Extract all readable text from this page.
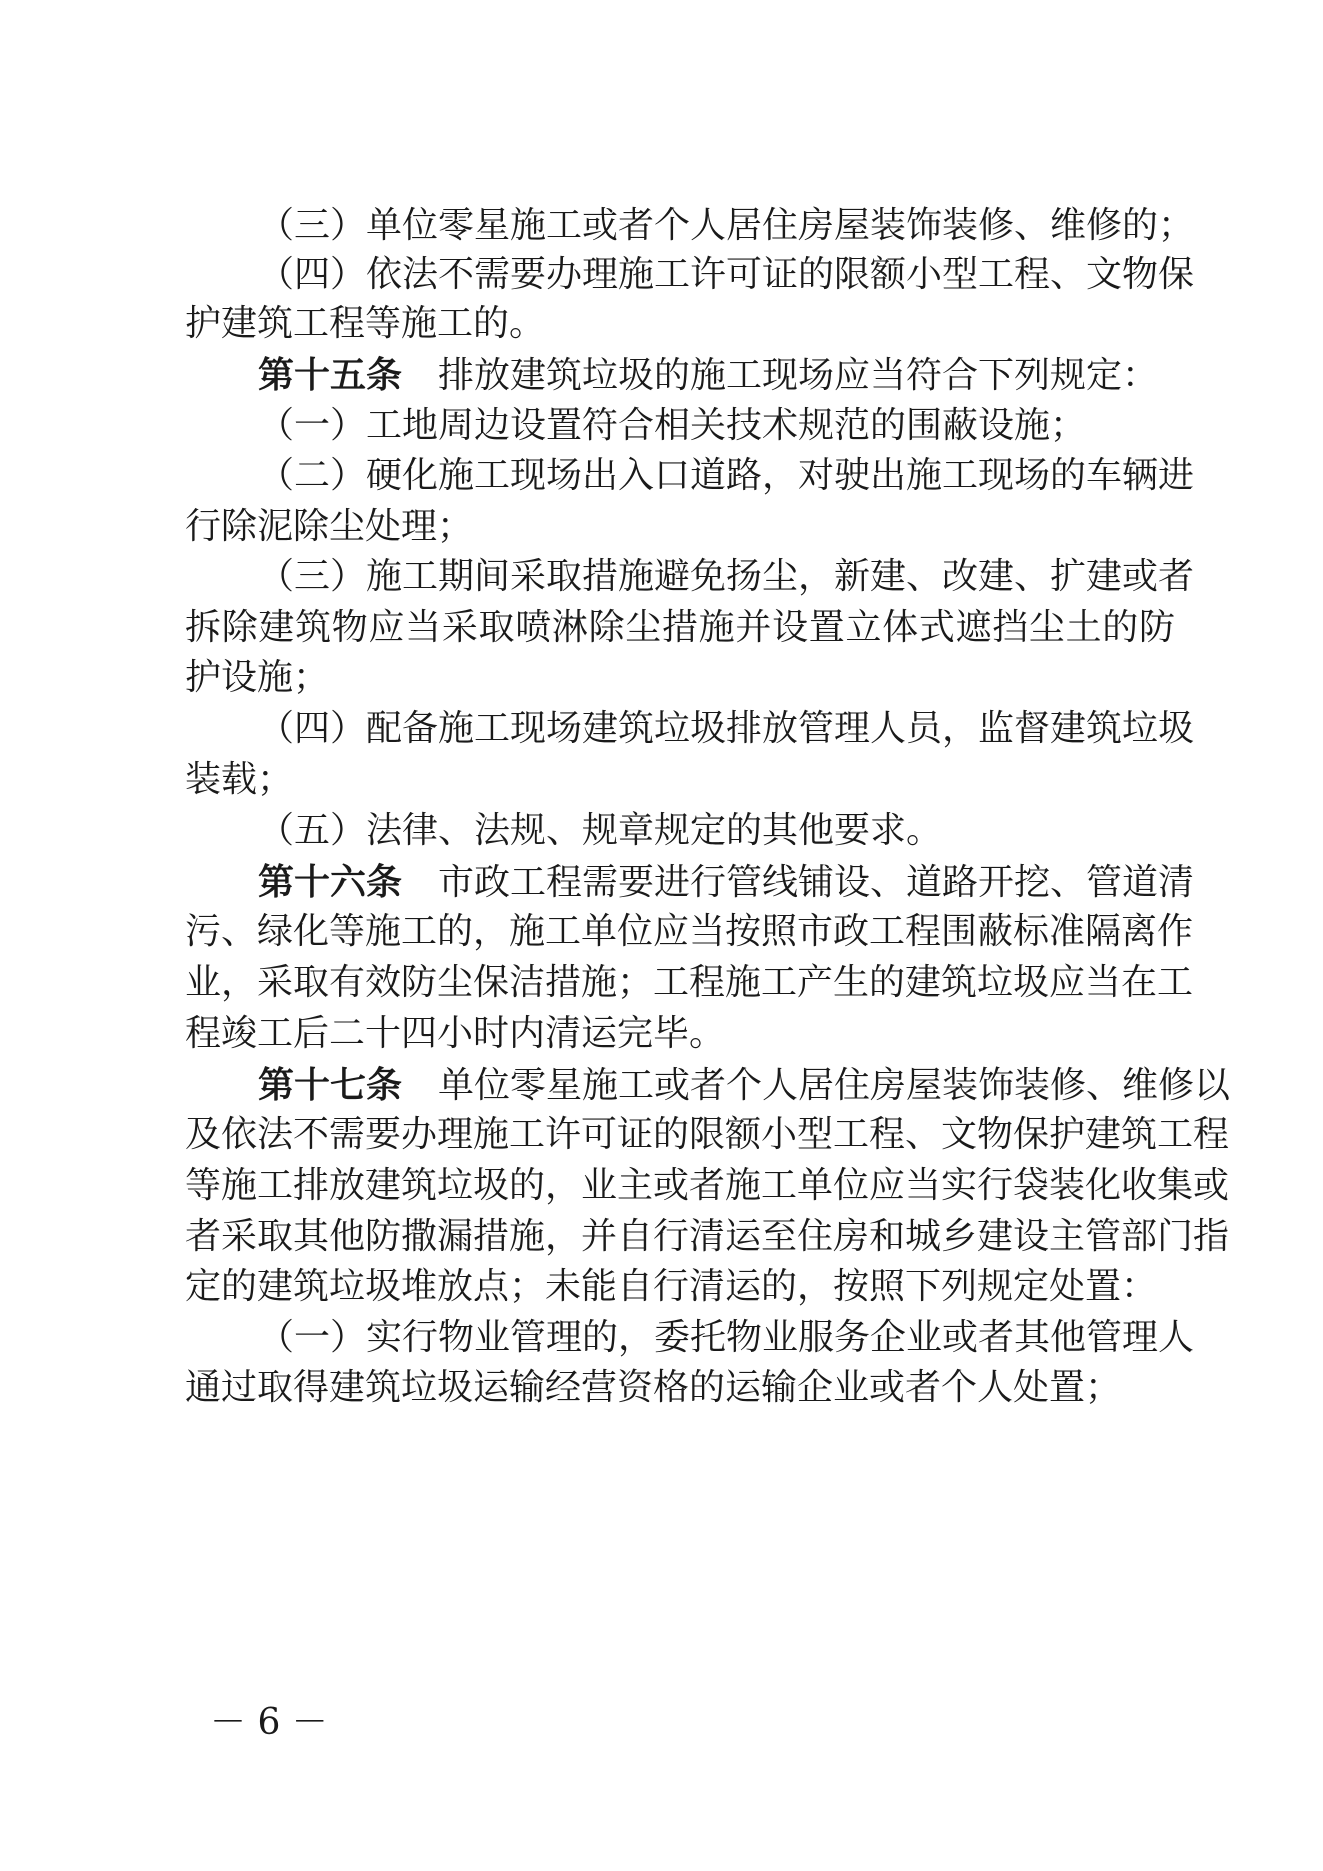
（三）单位零星施工或者个人居住房屋装饰装修、维修的；
（四）依法不需要办理施工许可证的限额小型工程、文物保
护建筑工程等施工的。
第十五条 排放建筑垃圾的施工现场应当符合下列规定：
（一）工地周边设置符合相关技术规范的围蔽设施；
（二）硬化施工现场出入口道路，对驶出施工现场的车辆进
行除泥除尘处理；
（三）施工期间采取措施避免扬尘，新建、改建、扩建或者
拆除建筑物应当采取喷淋除尘措施并设置立体式遮挡尘土的防
护设施；
（四）配备施工现场建筑垃圾排放管理人员，监督建筑垃圾
装载；
（五）法律、法规、规章规定的其他要求。
第十六条 市政工程需要进行管线铺设、道路开挖、管道清
污、绿化等施工的，施工单位应当按照市政工程围蔽标准隔离作
业，采取有效防尘保洁措施；工程施工产生的建筑垃圾应当在工
程竣工后二十四小时内清运完毕。
第十七条 单位零星施工或者个人居住房屋装饰装修、维修以
及依法不需要办理施工许可证的限额小型工程、文物保护建筑工程
等施工排放建筑垃圾的，业主或者施工单位应当实行袋装化收集或
者采取其他防撒漏措施，并自行清运至住房和城乡建设主管部门指
定的建筑垃圾堆放点；未能自行清运的，按照下列规定处置：
（一）实行物业管理的，委托物业服务企业或者其他管理人
通过取得建筑垃圾运输经营资格的运输企业或者个人处置；
－ 6 －
